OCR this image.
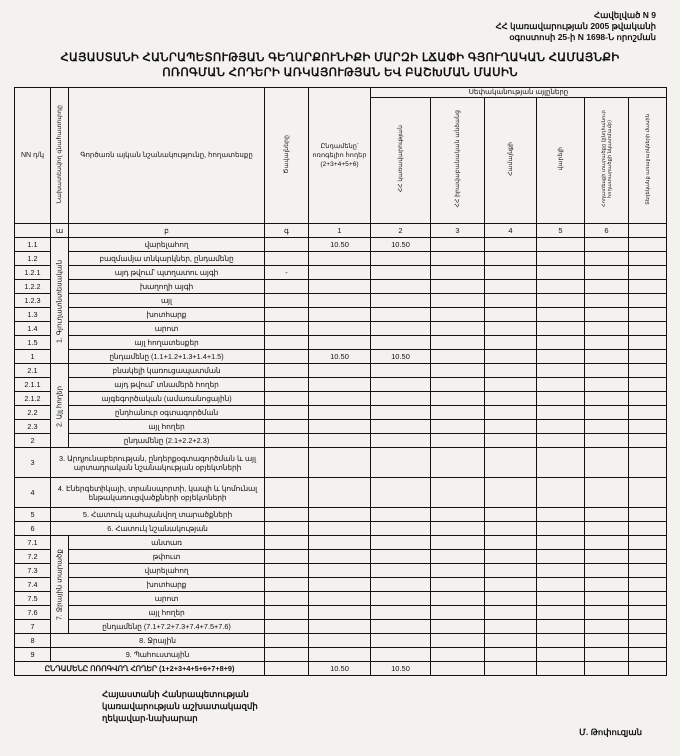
Հավելված N 9
ՀՀ կառավարության 2005 թվականի
օգոստոսի 25-ի N 1698-Ն որոշման
ՀԱՅԱՍՏԱՆԻ ՀԱՆՐԱՊԵՏՈՒԹՅԱՆ ԳԵՂԱՐՔՈՒՆԻՔԻ ՄԱՐԶԻ ԼՃԱՓԻ ԳՅՈՒՂԱԿԱՆ ՀԱՄԱՅՆՔԻ
ՈՌՈԳՄԱՆ ՀՈԴԵՐԻ ԱՌԿԱՅՈՒԹՅԱՆ ԵՎ ԲԱՇԽՄԱՆ ՄԱՍԻՆ
NN դ/կ	Նախատեսվող գնահատուրդը	Գործառն այկան նշանակությունը, հողատեսքը	Ծավալները	Ընդամենը՝ ոռոգելիո հողեր (2+3+4+5+6)	Սեփականության այլըները					
					ՀՀ կառավարության	ՀՀ իրավաբանական անձանց	Համայնքի	վարելի	Հողատեսքի տարածքը (ընդհանուր հողատարածքի նկատմամբ)	Տեղեկանք առաջարկների մասին
	ա	բ	գ	1	2	3	4	5	6	
1.1	1. Գյուղատնտեսական	վարելահող		10.50	10.50					
1.2		բազմամյա տնկարկներ, ընդամենը								
1.2.1		այդ թվում՝ պտղատու այգի	-							
1.2.2		խաղողի այգի								
1.2.3		այլ								
1.3		խոտհարք								
1.4		արոտ								
1.5		այլ հողատեսքեր								
1		ընդամենը (1.1+1.2+1.3+1.4+1.5)		10.50	10.50					
2.1	2. Այլ հողեր	բնակելի կառուցապատման								
2.1.1		այդ թվում՝ տնամերձ հողեր								
2.1.2		այգեգործական (ամառանոցային)								
2.2		ընդհանուր օգտագործման								
2.3		այլ հողեր								
2		ընդամենը (2.1+2.2+2.3)								
3	3. Արդյունաբերության, ընդերքօգտագործման և այլ արտադրական նշանակության օբյեկտների									
4	4. Էներգետիկայի, տրանսպորտի, կապի և կոմունալ ենթակառուցվածքների օբյեկտների									
5	5. Հատուկ պահպանվող տարածքների									
6	6. Հատուկ նշանակության									
7.1	7. Ջրային տարածք	անտառ								
7.2		թփուտ								
7.3		վարելահող								
7.4		խոտհարք								
7.5		արոտ								
7.6		այլ հողեր								
7		ընդամենը (7.1+7.2+7.3+7.4+7.5+7.6)								
8	8. Ջրային									
9	9. Պահուստային									
ԸՆԴԱՄԵՆԸ ՈՌՈԳՎՈՂ ՀՈՂԵՐ (1+2+3+4+5+6+7+8+9)				10.50	10.50					
Հայաստանի Հանրապետության
կառավարության աշխատակազմի
ղեկավար-նախարար
Մ. Թոփուզյան
